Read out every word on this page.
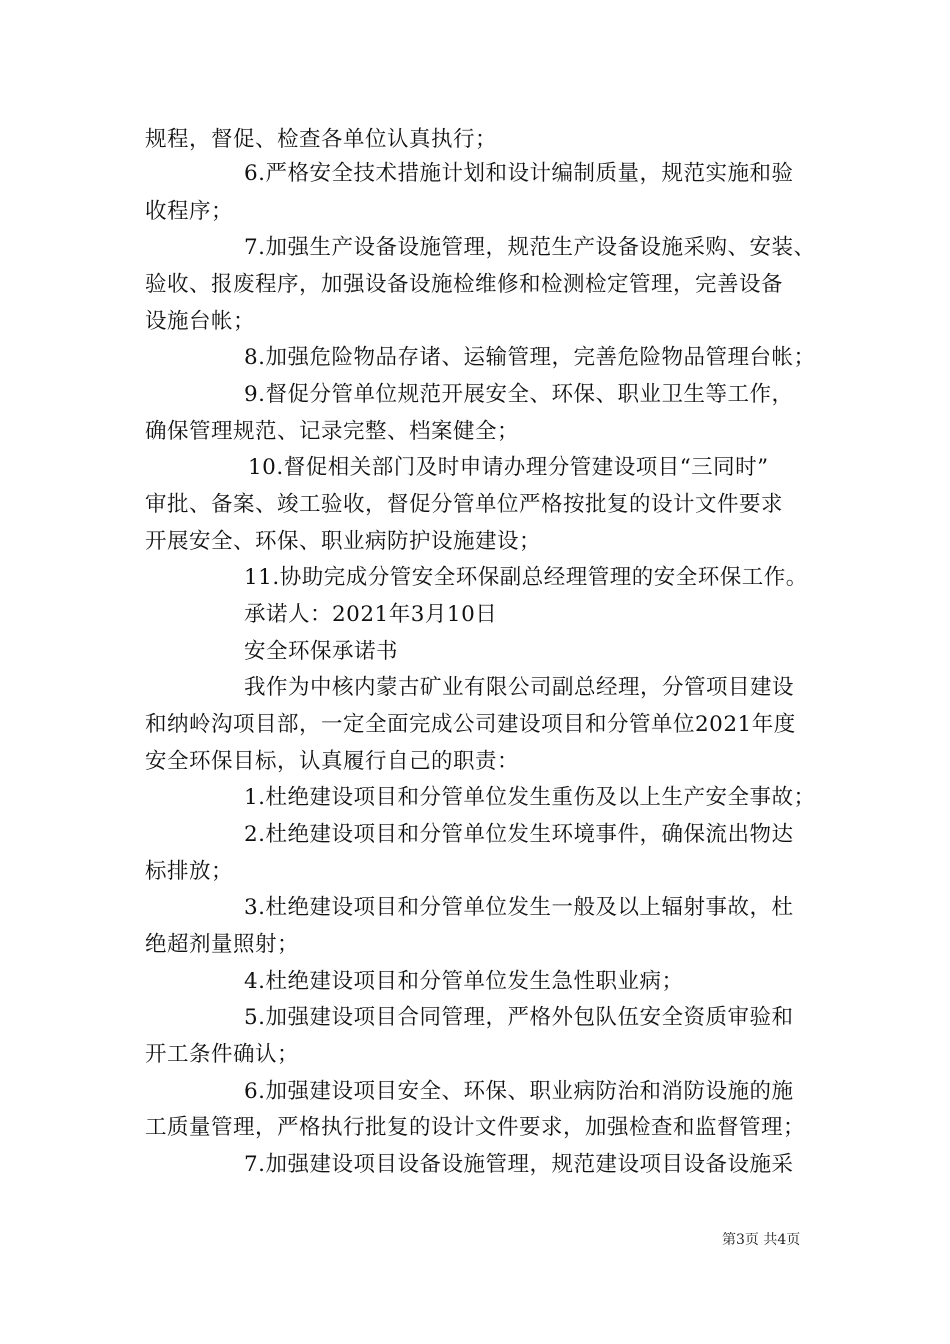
规程，督促、检查各单位认真执行；
6.严格安全技术措施计划和设计编制质量，规范实施和验
收程序；
7.加强生产设备设施管理，规范生产设备设施采购、安装、
验收、报废程序，加强设备设施检维修和检测检定管理，完善设备
设施台帐；
8.加强危险物品存诸、运输管理，完善危险物品管理台帐；
9.督促分管单位规范开展安全、环保、职业卫生等工作，
确保管理规范、记录完整、档案健全；
10.督促相关部门及时申请办理分管建设项目“三同时”
审批、备案、竣工验收，督促分管单位严格按批复的设计文件要求
开展安全、环保、职业病防护设施建设；
11.协助完成分管安全环保副总经理管理的安全环保工作。
承诺人：2021年3月10日
安全环保承诺书
我作为中核内蒙古矿业有限公司副总经理，分管项目建设
和纳岭沟项目部，一定全面完成公司建设项目和分管单位2021年度
安全环保目标，认真履行自己的职责：
1.杜绝建设项目和分管单位发生重伤及以上生产安全事故；
2.杜绝建设项目和分管单位发生环境事件，确保流出物达
标排放；
3.杜绝建设项目和分管单位发生一般及以上辐射事故，杜
绝超剂量照射；
4.杜绝建设项目和分管单位发生急性职业病；
5.加强建设项目合同管理，严格外包队伍安全资质审验和
开工条件确认；
6.加强建设项目安全、环保、职业病防治和消防设施的施
工质量管理，严格执行批复的设计文件要求，加强检查和监督管理；
7.加强建设项目设备设施管理，规范建设项目设备设施采
第3页 共4页
